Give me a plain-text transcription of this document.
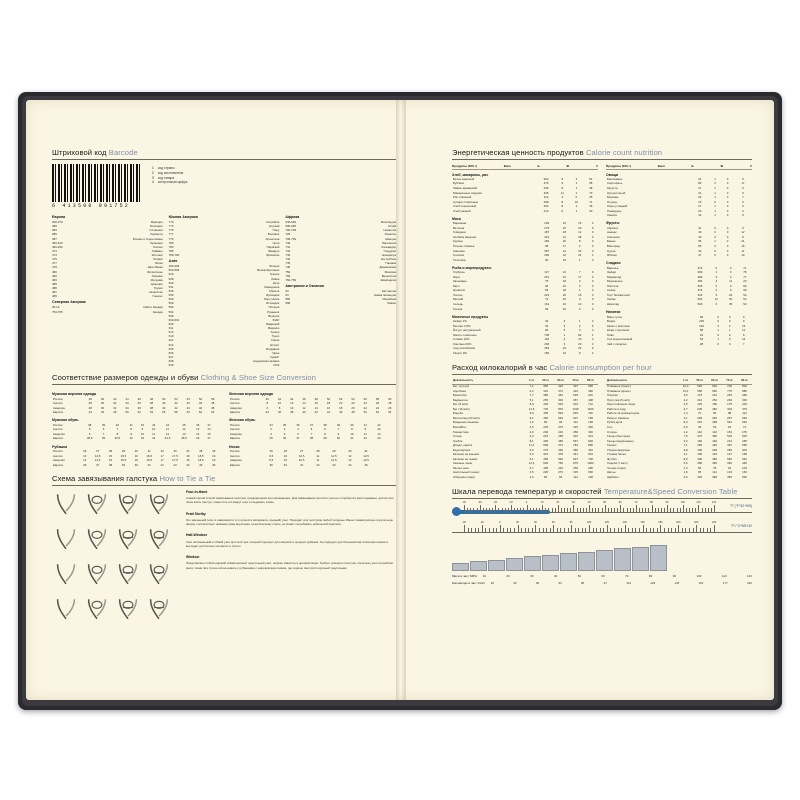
Штриховой код Barcode
6 413500 091752
1 код страны
2 код изготовителя
3 код товара
4 контрольная цифра
Европа
300-379	Франция
380	Болгария
383	Словения
385	Хорватия
387	Босния и Герцеговина
400-440	Германия
460-469	Россия
471	Тайвань
474	Эстония
475	Латвия
477	Литва
479	Шри-Ланка
480	Филиппины
482	Украина
484	Молдова
485	Армения
486	Грузия
487	Казахстан
489	Гонконг
Северная Америка
00-13	США и Канада
754-755	Канада
Южная Америка
770	Колумбия
773	Уругвай
775	Перу
777	Боливия
779	Аргентина
780	Чили
784	Парагвай
786	Эквадор
789-790	Бразилия
Азия
450-459	Япония
500-509	Великобритания
520	Греция
528	Ливан
529	Кипр
531	Македония
535	Мальта
539	Ирландия
560	Португалия
569	Исландия
590	Польша
594	Румыния
599	Венгрия
600-601	ЮАР
609	Маврикий
611	Марокко
613	Алжир
619	Тунис
621	Сирия
622	Египет
625	Иордания
626	Иран
627	Кувейт
628	Саудовская Аравия
629	ОАЭ
Африка
640-649	Финляндия
690-695	Китай
700-709	Норвегия
729	Израиль
730-739	Швеция
740	Гватемала
741	Сальвадор
742	Гондурас
743	Никарагуа
744	Коста-Рика
745	Панама
746	Доминикана
750	Мексика
759	Венесуэла
760-769	Швейцария
Австралия и Океания
93	Австралия
94	Новая Зеландия
955	Малайзия
958	Макао
Соответствие размеров одежды и обуви Clothing & Shoe Size Conversion
Мужская верхняя одежда
Россия	38	40	42	44	46	48	50	52	54	56	58
Англия	28	30	32	34	36	38	40	42	44	46	48
Америка	28	30	32	34	36	38	40	42	44	46	48
Европа	44	46	48	50	52	54	56	58	60	62	64
Мужская обувь
Россия	38	39	40	41	42	43	44	45	46	47	
Англия	5	6	7	8	9	10	11	12	13	14	
Америка	6	7	8	9	10	11	12	13	14	15	
Европа	38,5	39	40,5	42	43	44	44,5	45,5	46	47	
Рубашки
Россия	36	37	38	39	40	41	42	43	44	45	46
Англия	14	14,5	15	15,5	16	16,5	17	17,5	18	18,5	19
Америка	14	14,5	15	15,5	16	16,5	17	17,5	18	18,5	19
Европа	36	37	38	39	40	41	42	43	44	45	46
Женская верхняя одежда
Россия	40	42	44	46	48	50	52	54	56	58	60
Англия	8	10	12	14	16	18	20	22	24	26	28
Америка	6	8	10	12	14	16	18	20	22	24	26
Европа	34	36	38	40	42	44	46	48	50	52	54
Женская обувь
Россия	34	35	36	37	38	39	40	41	42		
Англия	2	3	4	5	6	7	8	9	10		
Америка	4	5	6	7	8	9	10	11	12		
Европа	35	36	37	38	39	40	41	42	43		
Носки
Россия	25	26	27	28	29	30	31				
Англия	9,5	10	10,5	11	11,5	12	12,5				
Америка	9,5	10	10,5	11	11,5	12	12,5				
Европа	39	40	41	42	43	44	45				
Схема завязывания галстука How to Tie a Tie
Four-In-Hand
Самый легкий способ завязывания галстука, традиционный для начинающих. Для завязывания простого узла не потребуется много времени, достаточно лишь взять галстук, поместить его вокруг шеи и следовать схеме.
Pratt Shelby
Это маленький (или, в зависимости от плотности материала, средний) узел. Подходит для галстуков любой толщины. Имеет симметричную треугольную форму, соответствует нижнему краю воротника, классическому стилю, но может потребовать небольшой практики.
Half-Windsor
Узел оптимальный и гибкий узел для галстука, который подходит для широких и средних рубашек. Он подходит для большинства типов воротников и выглядит достаточно элегантно и строго.
Windsor
Представляет собой широкий симметричный треугольный узел, широко известен в деловом мире. Требует длинного галстука, поскольку узел потребляет много ткани. Его лучше использовать с рубашками с широким воротником, где хорошо смотрится крупный треугольник.
Энергетическая ценность продуктов Calorie count nutrition
Продукты (100 г)	Ккал	Б	Ж	У
Хлеб, макароны, рис
Батон нарезной	264	8	3	51
Бублики	276	9	1	58
Лаваш армянский	236	8	1	48
Макаронные изделия	336	11	1	70
Рис отварной	113	2	0	25
Сухари сливочные	398	8	10	71
Хлеб пшеничный	254	8	1	49
Хлеб ржаной	214	6	1	40
Мясо
Баранина	209	16	15	0
Ветчина	279	22	20	0
Говядина	187	18	12	0
Колбаса вареная	301	12	28	0
Курица	165	20	8	0
Печень говяжья	98	17	3	0
Свинина	357	14	33	0
Сосиски	266	10	24	1
Телятина	90	19	1	0
Рыба и морепродукты
Горбуша	147	21	7	0
Икра	251	24	17	0
Кальмары	75	18	0	0
Карп	96	16	3	0
Креветки	83	18	1	0
Лосось	219	20	15	0
Минтай	72	16	0	0
Сельдь	161	16	10	0
Треска	69	16	0	0
Молочные продукты
Кефир 1%	40	3	1	4
Молоко 2,5%	52	3	2	5
Йогурт натуральный	66	5	3	4
Масло сливочное	748	1	82	1
Сливки 10%	118	3	10	4
Сметана 20%	206	3	20	3
Сыр российский	363	23	29	0
Творог 9%	159	16	9	2
Продукты (100 г)	Ккал	Б	Ж	У
Овощи
Баклажаны	24	1	0	5
Capтофель	80	2	0	17
Капуста	27	1	0	5
Лук репчатый	41	1	0	9
Морковь	32	1	0	7
Огурцы	15	0	0	3
Перец сладкий	27	1	0	5
Помидоры	20	1	0	4
Свекла	42	1	0	9
Фрукты
Абрикос	41	0	0	9
Ананас	49	0	0	12
Апельсин	43	0	0	8
Банан	96	1	0	21
Виноград	65	0	0	16
Груша	42	0	0	11
Яблоко	47	0	0	10
Сладкое
Варенье	272	0	0	71
Зефир	299	1	0	78
Мармелад	289	0	0	77
Мороженое	184	4	11	20
Пастила	305	0	0	80
Сахар	374	0	0	99
Торт бисквитный	344	5	20	50
Халва	522	12	30	54
Шоколад	546	6	35	52
Напитки
Вино сухое	68	0	0	0
Водка	235	0	0	0
Какао с молоком	102	3	4	13
Кофе с молоком	58	1	1	11
Пиво	43	0	0	5
Сок апельсиновый	54	1	0	13
Чай с сахаром	28	0	0	7
Расход килокалорий в час Calorie consumption per hour
Деятельность	1 кг	50 кг	60 кг	70 кг	80 кг
Бег трусцой	7,1	355	426	497	568
Аэробика	6,2	310	372	434	496
Баскетбол	7,7	385	462	539	616
Бадминтон	5,1	255	306	357	408
Бег (8 км/ч)	8,9	445	534	623	712
Бег (16 км/ч)	14,5	725	870	1015	1160
Борьба	9,9	495	594	693	792
Велосипед (20 км/ч)	9,1	455	546	637	728
Вождение машины	1,6	80	96	112	128
Волейбол	4,5	225	270	315	360
Гимнастика	4,0	200	240	280	320
Гольф	4,3	215	258	301	344
Гребля	8,1	405	486	567	648
Дзюдо, каратэ	11,2	560	672	784	896
Езда верхом	5,5	275	330	385	440
Катание на коньках	6,3	315	378	441	504
Катание на лыжах	9,1	455	546	637	728
Лыжные гонки	12,5	625	750	875	1000
Мытье окон	3,7	185	222	259	296
Настольный теннис	4,5	225	270	315	360
Общение (сидя)	1,6	80	96	112	128
Деятельность	1 кг	50 кг	60 кг	70 кг	80 кг
Плавание (брасс)	10,0	500	600	700	800
Плавание (кроль)	11,0	550	660	770	880
Покупки	3,5	175	210	245	280
Прогулка (5 км/ч)	4,2	210	252	294	336
Приготовление пищи	2,5	125	150	175	200
Работа в саду	4,7	235	282	329	376
Работа за компьютером	1,4	70	84	98	112
Ремонт машины	4,1	205	246	287	328
Рубка дров	8,3	415	498	581	664
Сон	0,9	45	54	63	72
Стирка	2,2	110	132	154	176
Танцы (быстрые)	7,5	375	450	525	600
Танцы (медленные)	3,2	160	192	224	256
Теннис	7,1	355	426	497	568
Уборка квартиры	3,8	190	228	266	304
Утюжка белья	2,1	105	126	147	168
Футбол	8,0	400	480	560	640
Ходьба (7 км/ч)	5,6	280	336	392	448
Чтение (сидя)	1,3	65	78	91	104
Шитье	1,9	95	114	133	152
Щейпинг	6,5	325	390	455	520
Шкала перевода температур и скоростей Temperature&Speed Conversion Table
°F (°F*32+9/5)
-40	-30	-20	-10	0	10	20	30	40	50	60	70	80	90	100	110	120
°F=°C*9/5+32
-40	-20	0	20	40	60	80	100	120	140	160	180	200	220	240
Мили в час / MPH 10	20	30	40	50	60	70	80	90	100	110	120
Километры в час / km/h 16	32	48	64	80	97	113	129	145	161	177	193
